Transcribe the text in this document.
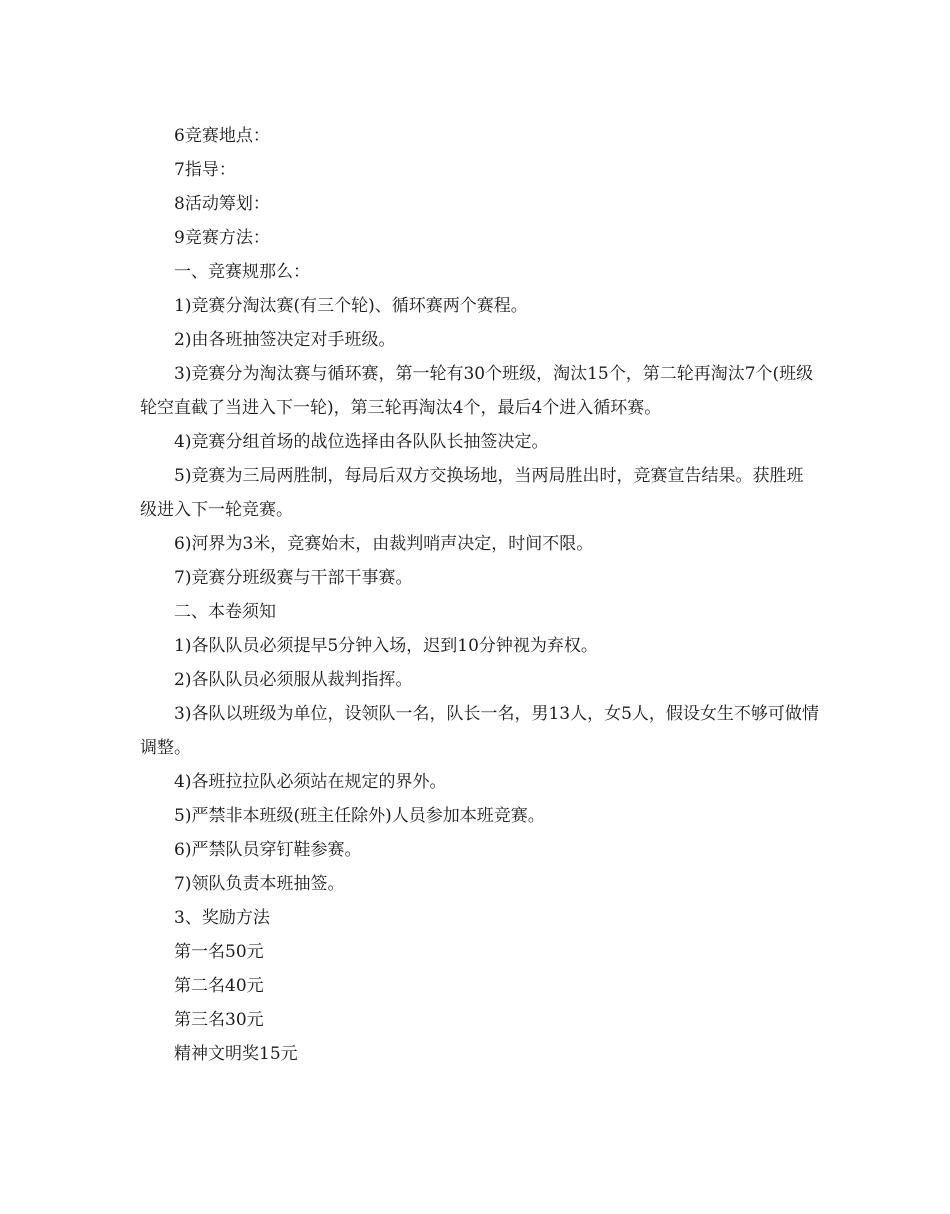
6竞赛地点：

7指导：

8活动筹划：

9竞赛方法：

一、竞赛规那么：

1)竞赛分淘汰赛(有三个轮)、循环赛两个赛程。

2)由各班抽签决定对手班级。

3)竞赛分为淘汰赛与循环赛，第一轮有30个班级，淘汰15个，第二轮再淘汰7个(班级轮空直截了当进入下一轮)，第三轮再淘汰4个，最后4个进入循环赛。

4)竞赛分组首场的战位选择由各队队长抽签决定。

5)竞赛为三局两胜制，每局后双方交换场地，当两局胜出时，竞赛宣告结果。获胜班级进入下一轮竞赛。

6)河界为3米，竞赛始末，由裁判哨声决定，时间不限。

7)竞赛分班级赛与干部干事赛。

二、本卷须知

1)各队队员必须提早5分钟入场，迟到10分钟视为弃权。

2)各队队员必须服从裁判指挥。

3)各队以班级为单位，设领队一名，队长一名，男13人，女5人，假设女生不够可做情调整。

4)各班拉拉队必须站在规定的界外。

5)严禁非本班级(班主任除外)人员参加本班竞赛。

6)严禁队员穿钉鞋参赛。

7)领队负责本班抽签。

3、奖励方法

第一名50元

第二名40元

第三名30元

精神文明奖15元
